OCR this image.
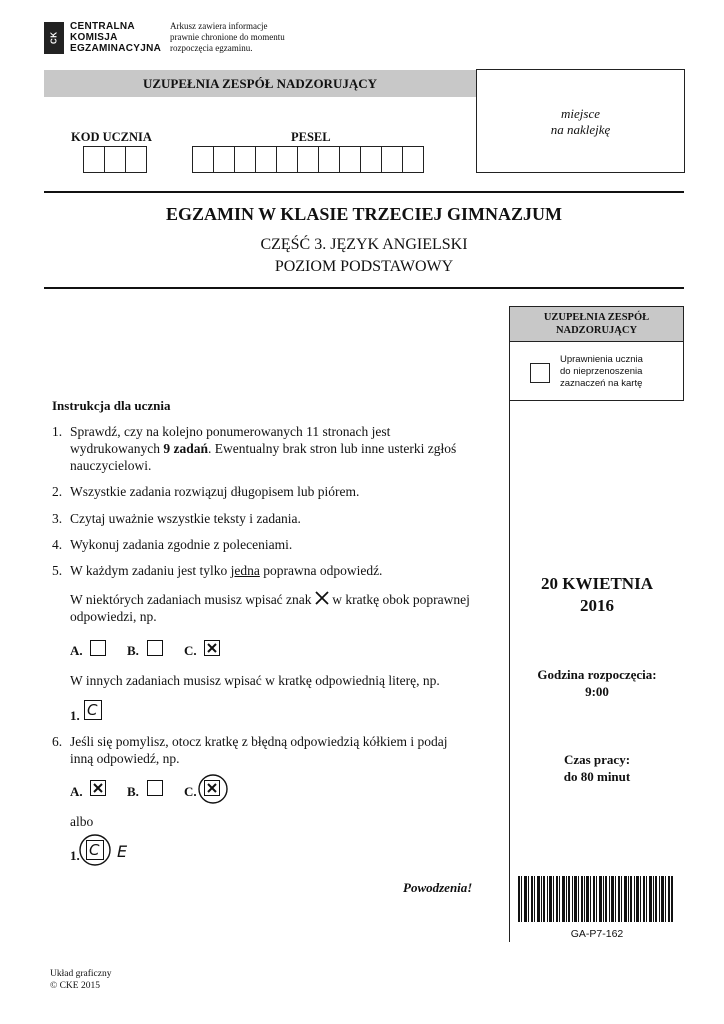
CK
CENTRALNA
KOMISJA
EGZAMINACYJNA
Arkusz zawiera informacje
prawnie chronione do momentu
rozpoczęcia egzaminu.
UZUPEŁNIA ZESPÓŁ NADZORUJĄCY
miejsce
na naklejkę
KOD UCZNIA	PESEL
EGZAMIN W KLASIE TRZECIEJ GIMNAZJUM
CZĘŚĆ 3. JĘZYK ANGIELSKI
POZIOM PODSTAWOWY
UZUPEŁNIA ZESPÓŁ
NADZORUJĄCY
Uprawnienia ucznia
do nieprzenoszenia
zaznaczeń na kartę
20 KWIETNIA
2016
Godzina rozpoczęcia:
9:00
Czas pracy:
do 80 minut
GA-P7-162
Instrukcja dla ucznia
1. Sprawdź, czy na kolejno ponumerowanych 11 stronach jest
wydrukowanych 9 zadań. Ewentualny brak stron lub inne usterki zgłoś
nauczycielowi.
2. Wszystkie zadania rozwiązuj długopisem lub piórem.
3. Czytaj uważnie wszystkie teksty i zadania.
4. Wykonuj zadania zgodnie z poleceniami.
5. W każdym zadaniu jest tylko jedna poprawna odpowiedź.
W niektórych zadaniach musisz wpisać znak  w kratkę obok poprawnej
odpowiedzi, np.
A.	B.	C.
W innych zadaniach musisz wpisać w kratkę odpowiednią literę, np.
1. C
6. Jeśli się pomylisz, otocz kratkę z błędną odpowiedzią kółkiem i podaj
inną odpowiedź, np.
A.	B.	C.
albo
1. C E
Powodzenia!
Układ graficzny
© CKE 2015
